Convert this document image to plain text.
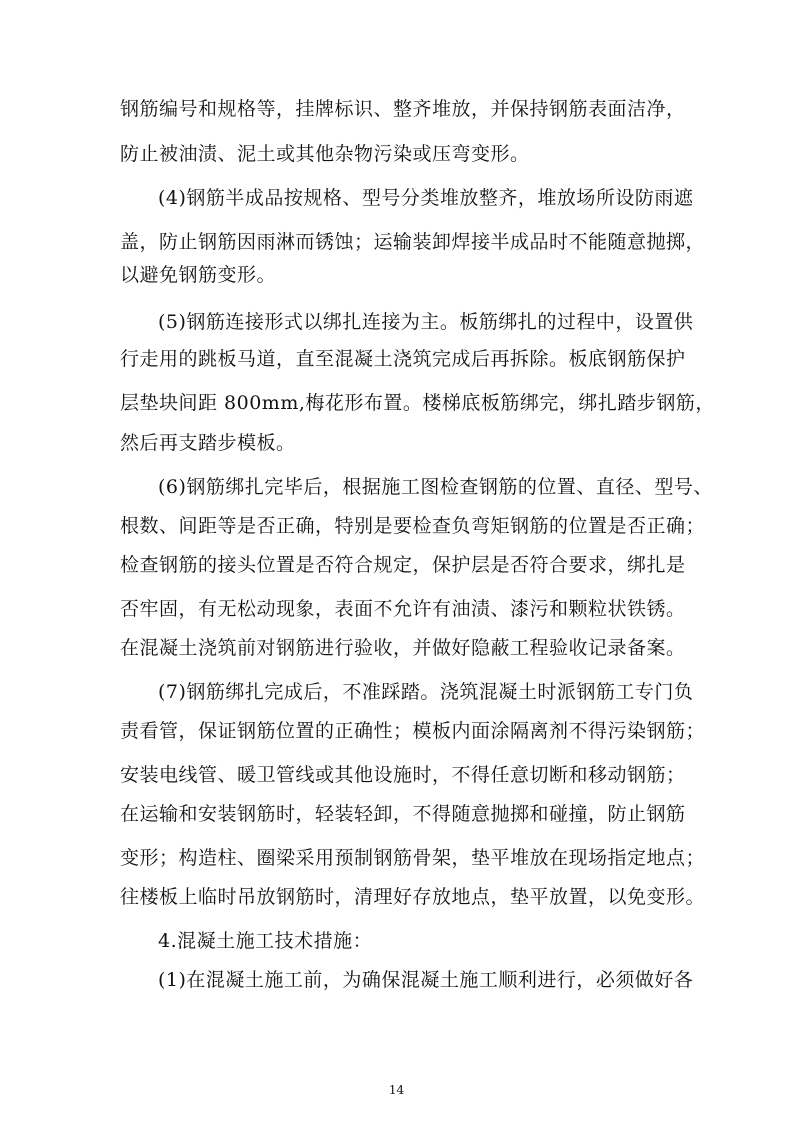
钢筋编号和规格等，挂牌标识、整齐堆放，并保持钢筋表面洁净，

防止被油渍、泥土或其他杂物污染或压弯变形。

(4)钢筋半成品按规格、型号分类堆放整齐，堆放场所设防雨遮

盖，防止钢筋因雨淋而锈蚀；运输装卸焊接半成品时不能随意抛掷，

以避免钢筋变形。

(5)钢筋连接形式以绑扎连接为主。板筋绑扎的过程中，设置供

行走用的跳板马道，直至混凝土浇筑完成后再拆除。板底钢筋保护

层垫块间距 800mm,梅花形布置。楼梯底板筋绑完，绑扎踏步钢筋，

然后再支踏步模板。

(6)钢筋绑扎完毕后，根据施工图检查钢筋的位置、直径、型号、

根数、间距等是否正确，特别是要检查负弯矩钢筋的位置是否正确；

检查钢筋的接头位置是否符合规定，保护层是否符合要求，绑扎是

否牢固，有无松动现象，表面不允许有油渍、漆污和颗粒状铁锈。

在混凝土浇筑前对钢筋进行验收，并做好隐蔽工程验收记录备案。

(7)钢筋绑扎完成后，不准踩踏。浇筑混凝土时派钢筋工专门负

责看管，保证钢筋位置的正确性；模板内面涂隔离剂不得污染钢筋；

安装电线管、暖卫管线或其他设施时，不得任意切断和移动钢筋；

在运输和安装钢筋时，轻装轻卸，不得随意抛掷和碰撞，防止钢筋

变形；构造柱、圈梁采用预制钢筋骨架，垫平堆放在现场指定地点；

往楼板上临时吊放钢筋时，清理好存放地点，垫平放置，以免变形。

4.混凝土施工技术措施：

(1)在混凝土施工前，为确保混凝土施工顺利进行，必须做好各

14
